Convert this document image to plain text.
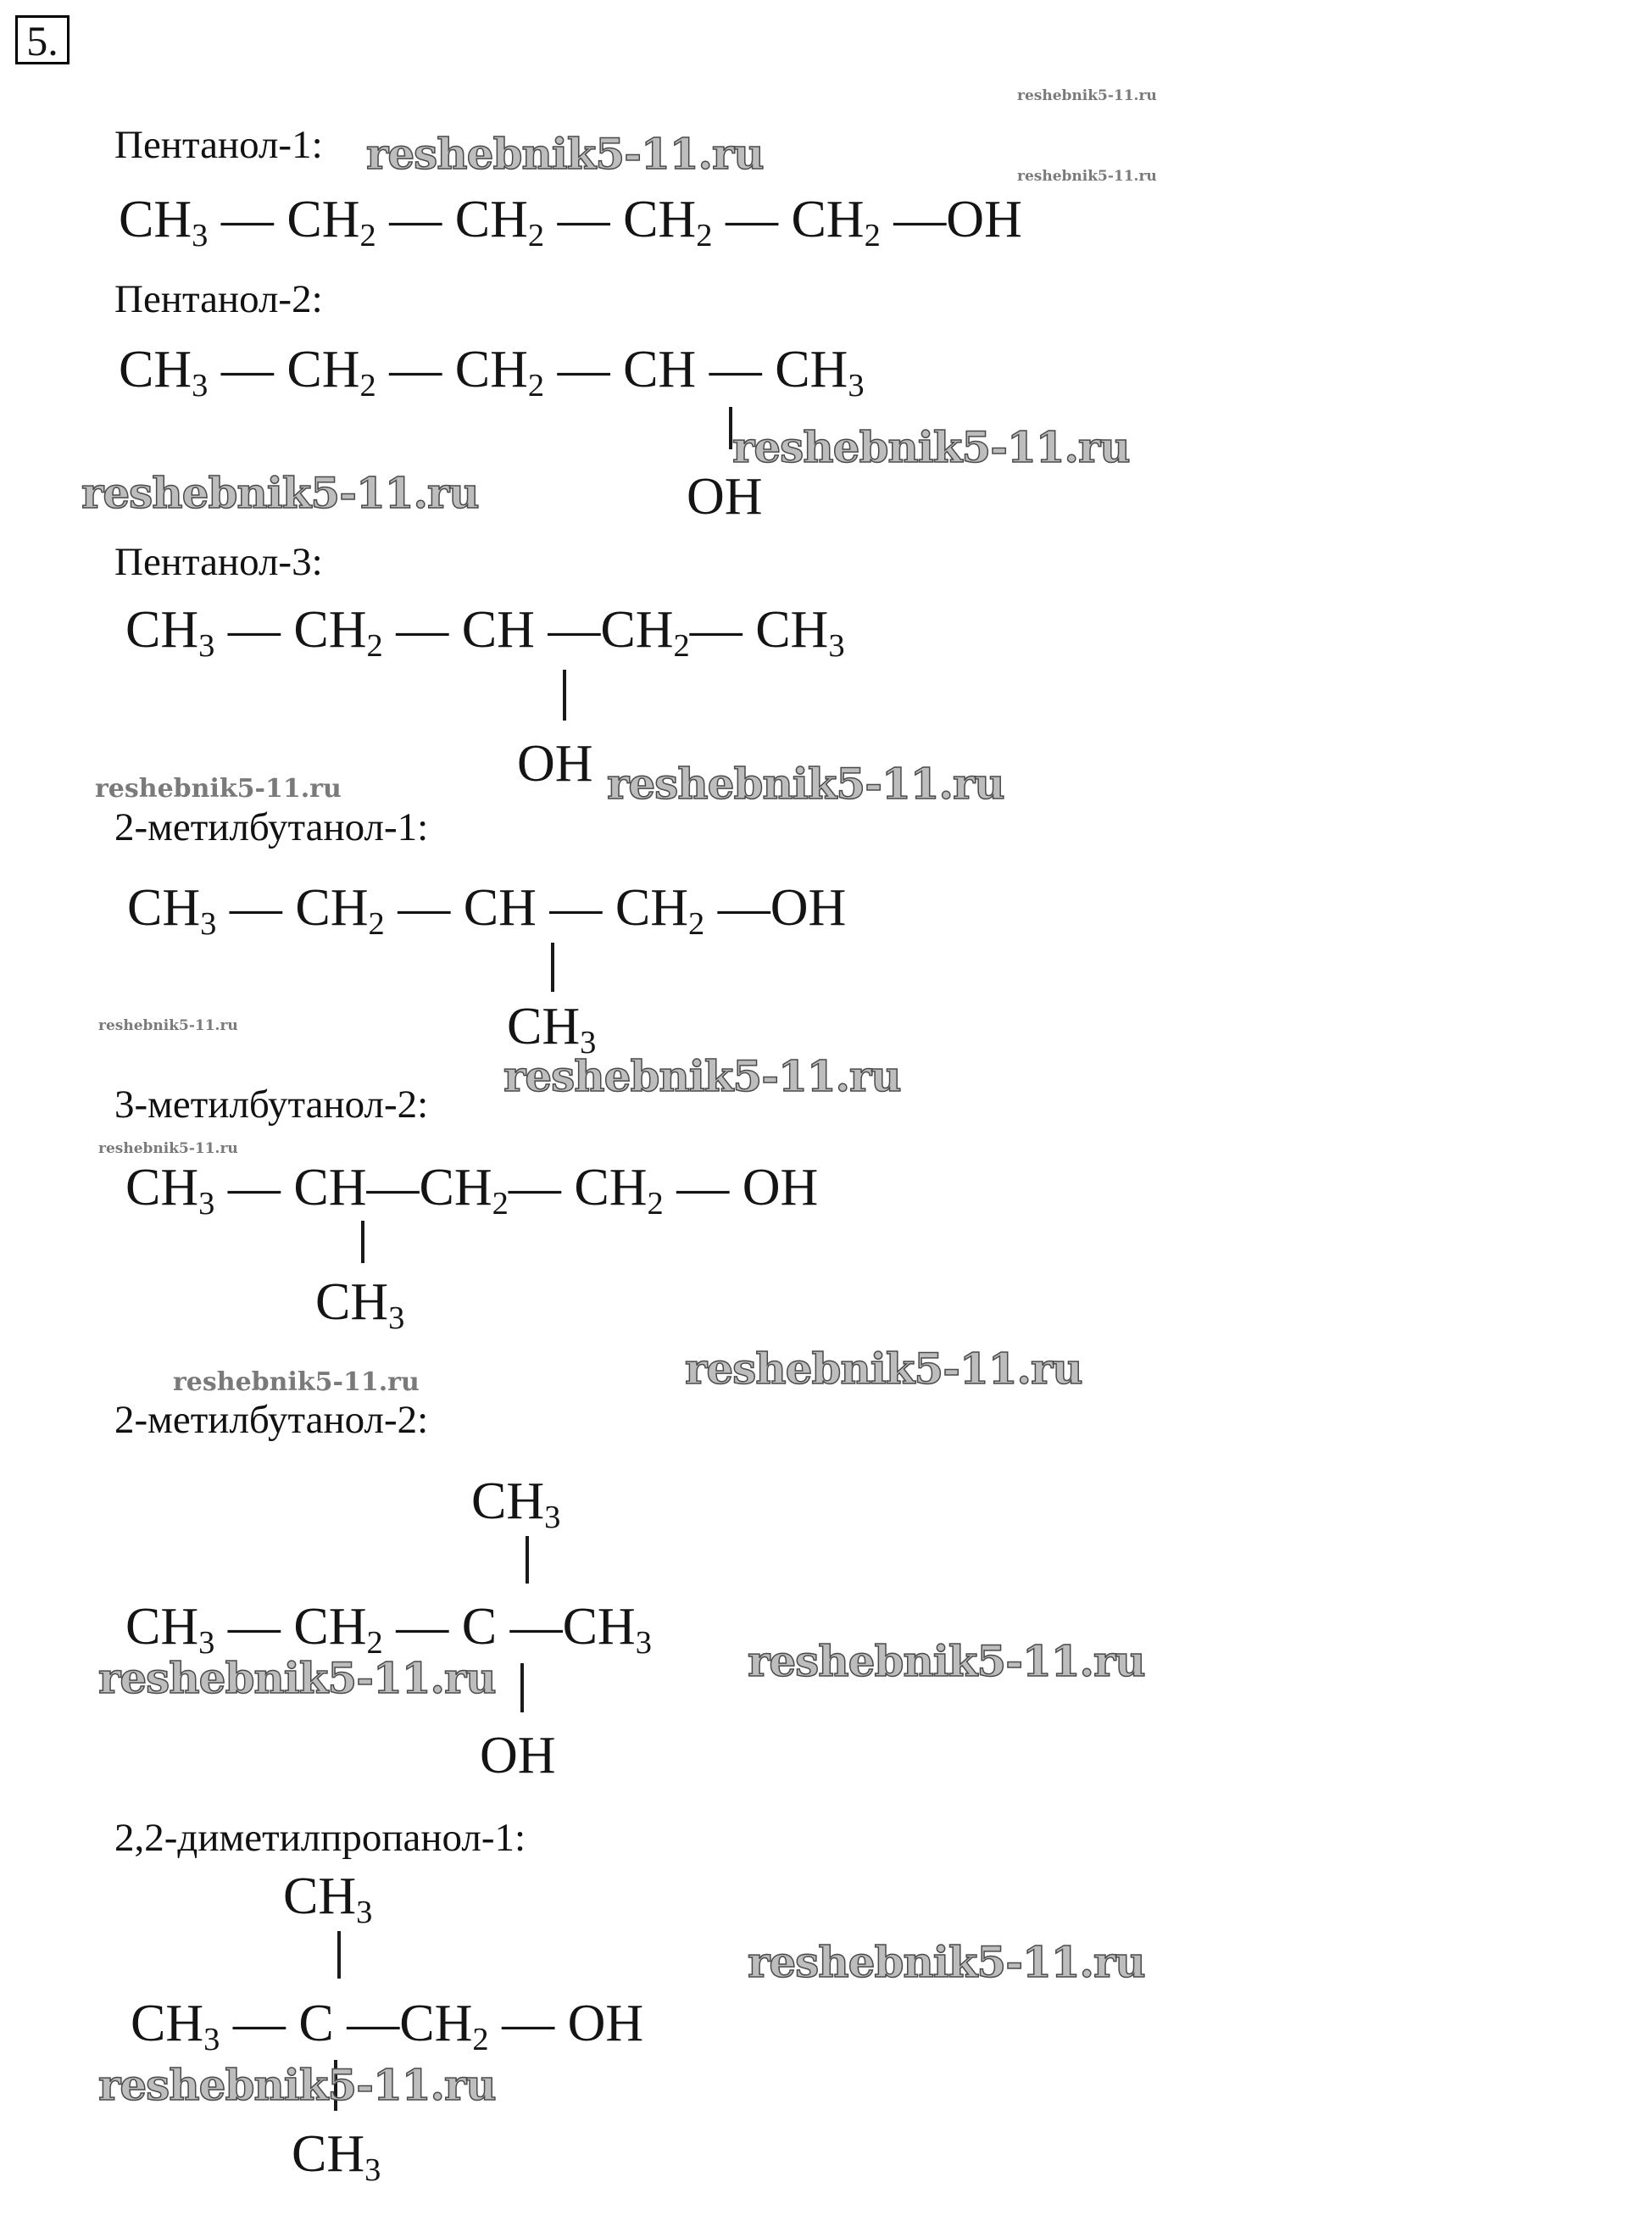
5.
Пентанол-1:
$CH_3$ — $CH_2$ — $CH_2$ — $CH_2$ — $CH_2$ —OH
Пентанол-2:
$CH_3$ — $CH_2$ — $CH_2$ — CH — $CH_3$
OH
Пентанол-3:
$CH_3$ — $CH_2$ — CH $—CH_2—$ $CH_3$
OH
2-метилбутанол-1:
$CH_3$ — $CH_2$ — CH — $CH_2$ —OH
$CH_3$
3-метилбутанол-2:
$CH_3$ — $CH—CH_2—$ $CH_2$ — OH
$CH_3$
2-метилбутанол-2:
$CH_3$
$CH_3$ — $CH_2$ — C $—CH_3$
OH
2,2-диметилпропанол-1:
$CH_3$
$CH_3$ — C $—CH_2$ — OH
$CH_3$
reshebnik5-11.ru
reshebnik5-11.ru
reshebnik5-11.ru
reshebnik5-11.ru
reshebnik5-11.ru
reshebnik5-11.ru	reshebnik5-11.ru
reshebnik5-11.ru
reshebnik5-11.ru
reshebnik5-11.ru
reshebnik5-11.ru	reshebnik5-11.ru
reshebnik5-11.ru	reshebnik5-11.ru
reshebnik5-11.ru
reshebnik5-11.ru
